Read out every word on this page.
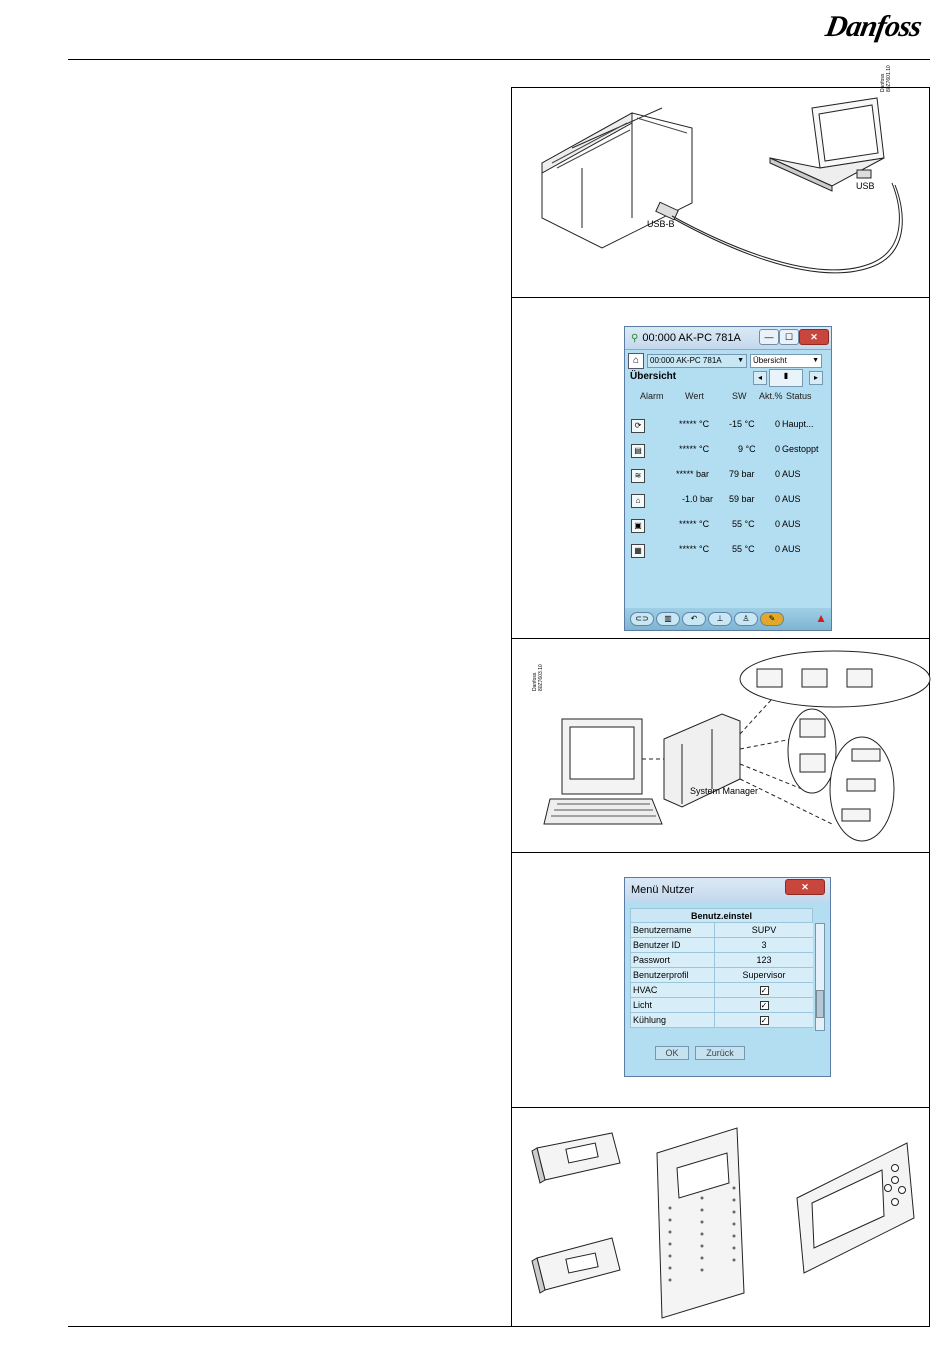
Danfoss
USB-B
USB
Danfoss
80Z7601.10
⚲ 00:000 AK-PC 781A	—	☐	✕
⌂	00:000 AK-PC 781A ▼	Übersicht	▼
Übersicht	◂	▮	▸
Alarm Wert	SW Akt.% Status
⟳	***** °C -15 °C 0 Haupt...
▤	***** °C	9 °C 0 Gestoppt
≋	***** bar 79 bar 0 AUS
⌂	-1.0 bar 59 bar 0 AUS
▣	***** °C	55 °C 0 AUS
▦	***** °C	55 °C 0 AUS
⊂⊃	▥	↶	⊥	♙	✎	▲
System Manager
Danfoss
80Z7603.10
Menü Nutzer	✕
Benutz.einstel
Benutzername	SUPV
Benutzer ID	3
Passwort	123
Benutzerprofil	Supervisor
HVAC	✓
Licht	✓
Kühlung	✓
OK	Zurück
